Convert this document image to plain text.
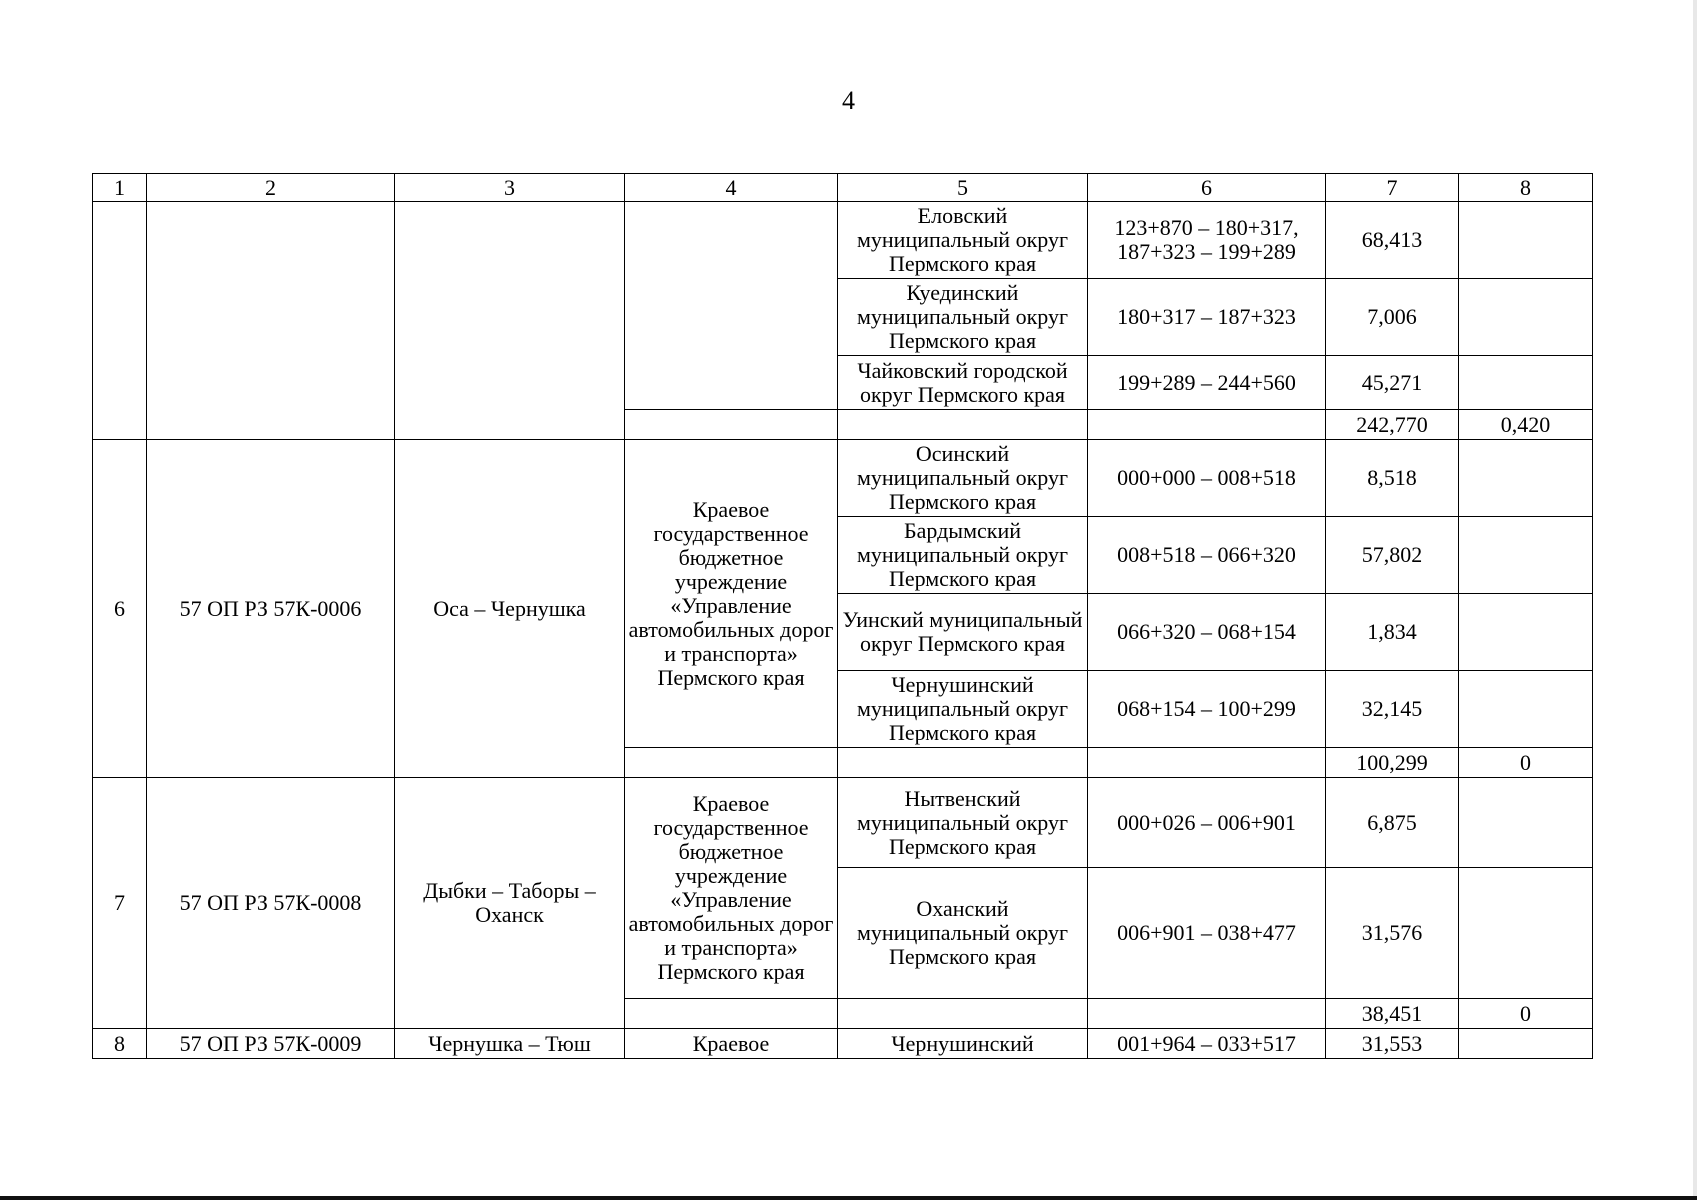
4
1	2	3	4	5	6	7	8
				Еловский муниципальный округ Пермского края	123+870 – 180+317, 187+323 – 199+289	68,413	
				Куединский муниципальный округ Пермского края	180+317 – 187+323	7,006	
				Чайковский городской округ Пермского края	199+289 – 244+560	45,271	
						242,770	0,420
6	57 ОП РЗ 57К-0006	Оса – Чернушка	Краевое государственное бюджетное учреждение «Управление автомобильных дорог и транспорта» Пермского края	Осинский муниципальный округ Пермского края	000+000 – 008+518	8,518	
				Бардымский муниципальный округ Пермского края	008+518 – 066+320	57,802	
				Уинский муниципальный округ Пермского края	066+320 – 068+154	1,834	
				Чернушинский муниципальный округ Пермского края	068+154 – 100+299	32,145	
						100,299	0
7	57 ОП РЗ 57К-0008	Дыбки – Таборы – Оханск	Краевое государственное бюджетное учреждение «Управление автомобильных дорог и транспорта» Пермского края	Нытвенский муниципальный округ Пермского края	000+026 – 006+901	6,875	
				Оханский муниципальный округ Пермского края	006+901 – 038+477	31,576	
						38,451	0
8	57 ОП РЗ 57К-0009	Чернушка – Тюш	Краевое	Чернушинский	001+964 – 033+517	31,553	
